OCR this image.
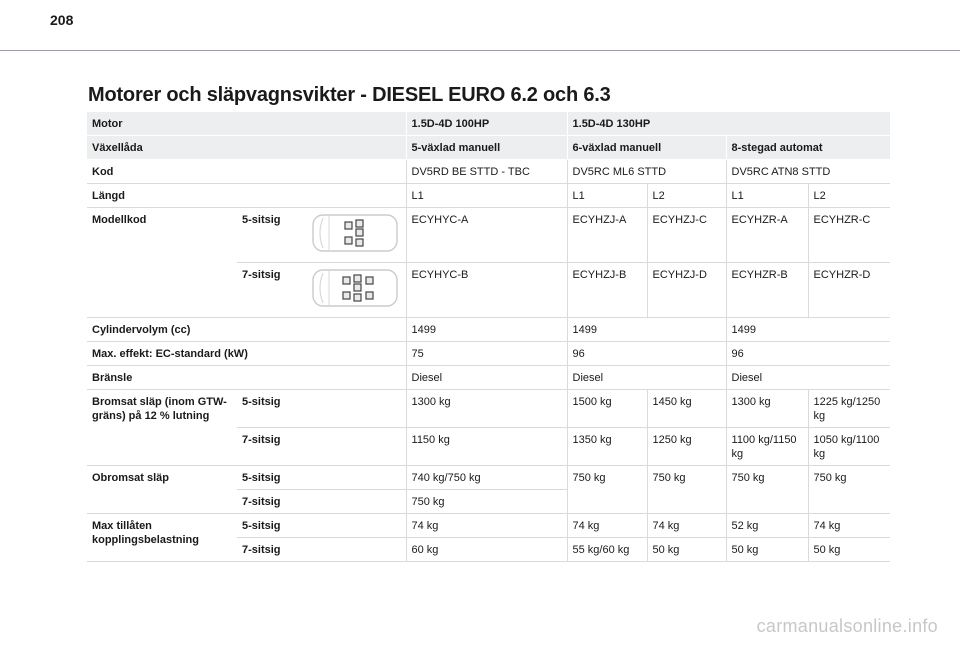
208
Motorer och släpvagnsvikter - DIESEL EURO 6.2 och 6.3
Motor			1.5D-4D 100HP	1.5D-4D 130HP			
Växellåda			5-växlad manuell	6-växlad manuell		8-stegad automat	
Kod			DV5RD BE STTD - TBC	DV5RC ML6 STTD		DV5RC ATN8 STTD	
Längd			L1	L1	L2	L1	L2
Modellkod	5-sitsig		ECYHYC-A	ECYHZJ-A	ECYHZJ-C	ECYHZR-A	ECYHZR-C
	7-sitsig		ECYHYC-B	ECYHZJ-B	ECYHZJ-D	ECYHZR-B	ECYHZR-D
Cylindervolym (cc)			1499	1499		1499	
Max. effekt: EC-standard (kW)			75	96		96	
Bränsle			Diesel	Diesel		Diesel	
Bromsat släp (inom GTW-gräns) på 12 % lutning	5-sitsig		1300 kg	1500 kg	1450 kg	1300 kg	1225 kg/1250 kg
	7-sitsig		1150 kg	1350 kg	1250 kg	1100 kg/1150 kg	1050 kg/1100 kg
Obromsat släp	5-sitsig		740 kg/750 kg	750 kg	750 kg	750 kg	750 kg
	7-sitsig		750 kg				
Max tillåten kopplingsbelastning	5-sitsig		74 kg	74 kg	74 kg	52 kg	74 kg
	7-sitsig		60 kg	55 kg/60 kg	50 kg	50 kg	50 kg
carmanualsonline.info
